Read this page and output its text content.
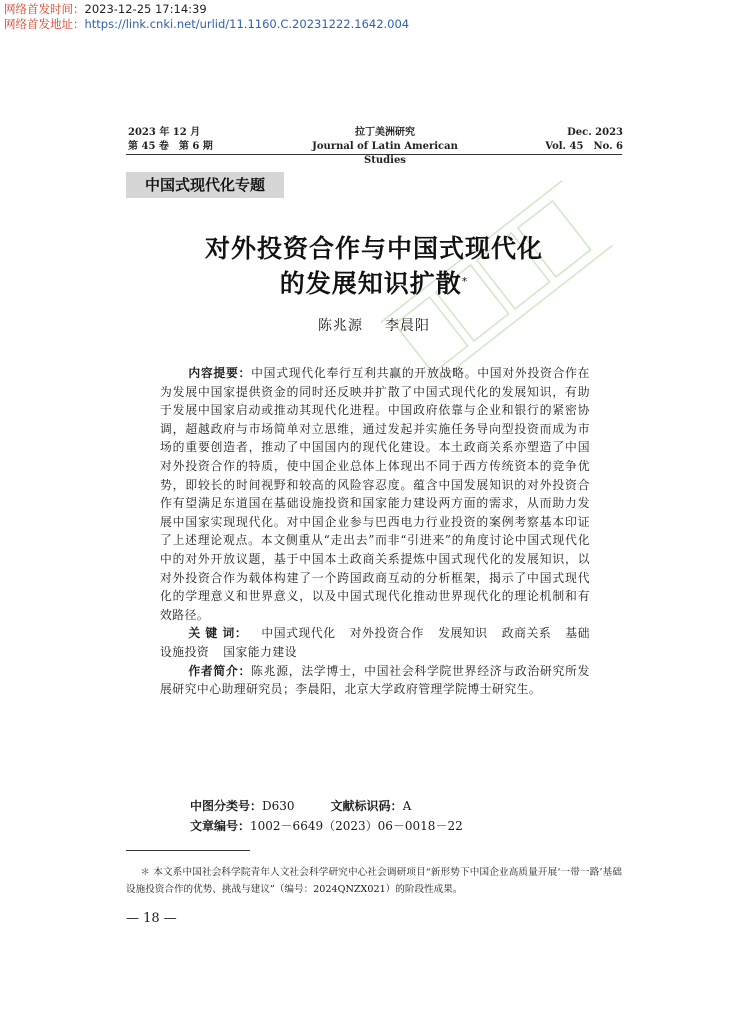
网络首发时间：2023-12-25 17:14:39
网络首发地址：https://link.cnki.net/urlid/11.1160.C.20231222.1642.004
2023 年 12 月
第 45 卷　第 6 期
拉丁美洲研究
Journal of Latin American Studies
Dec. 2023
Vol. 45　No. 6
中国式现代化专题
对外投资合作与中国式现代化
的发展知识扩散*
陈兆源 李晨阳

内容提要：中国式现代化奉行互利共赢的开放战略。中国对外投资合作在为发展中国家提供资金的同时还反映并扩散了中国式现代化的发展知识，有助于发展中国家启动或推动其现代化进程。中国政府依靠与企业和银行的紧密协调，超越政府与市场简单对立思维，通过发起并实施任务导向型投资而成为市场的重要创造者，推动了中国国内的现代化建设。本土政商关系亦塑造了中国对外投资合作的特质，使中国企业总体上体现出不同于西方传统资本的竞争优势，即较长的时间视野和较高的风险容忍度。蕴含中国发展知识的对外投资合作有望满足东道国在基础设施投资和国家能力建设两方面的需求，从而助力发展中国家实现现代化。对中国企业参与巴西电力行业投资的案例考察基本印证了上述理论观点。本文侧重从“走出去”而非“引进来”的角度讨论中国式现代化中的对外开放议题，基于中国本土政商关系提炼中国式现代化的发展知识，以对外投资合作为载体构建了一个跨国政商互动的分析框架，揭示了中国式现代化的学理意义和世界意义，以及中国式现代化推动世界现代化的理论机制和有效路径。

关 键 词： 中国式现代化 对外投资合作 发展知识 政商关系 基础设施投资 国家能力建设

作者简介：陈兆源，法学博士，中国社会科学院世界经济与政治研究所发展研究中心助理研究员；李晨阳，北京大学政府管理学院博士研究生。

中图分类号：D630	文献标识码：A
文章编号：1002－6649（2023）06－0018－22
＊ 本文系中国社会科学院青年人文社会科学研究中心社会调研项目“新形势下中国企业高质量开展‘一带一路’基础设施投资合作的优势、挑战与建议”（编号：2024QNZX021）的阶段性成果。
— 18 —
